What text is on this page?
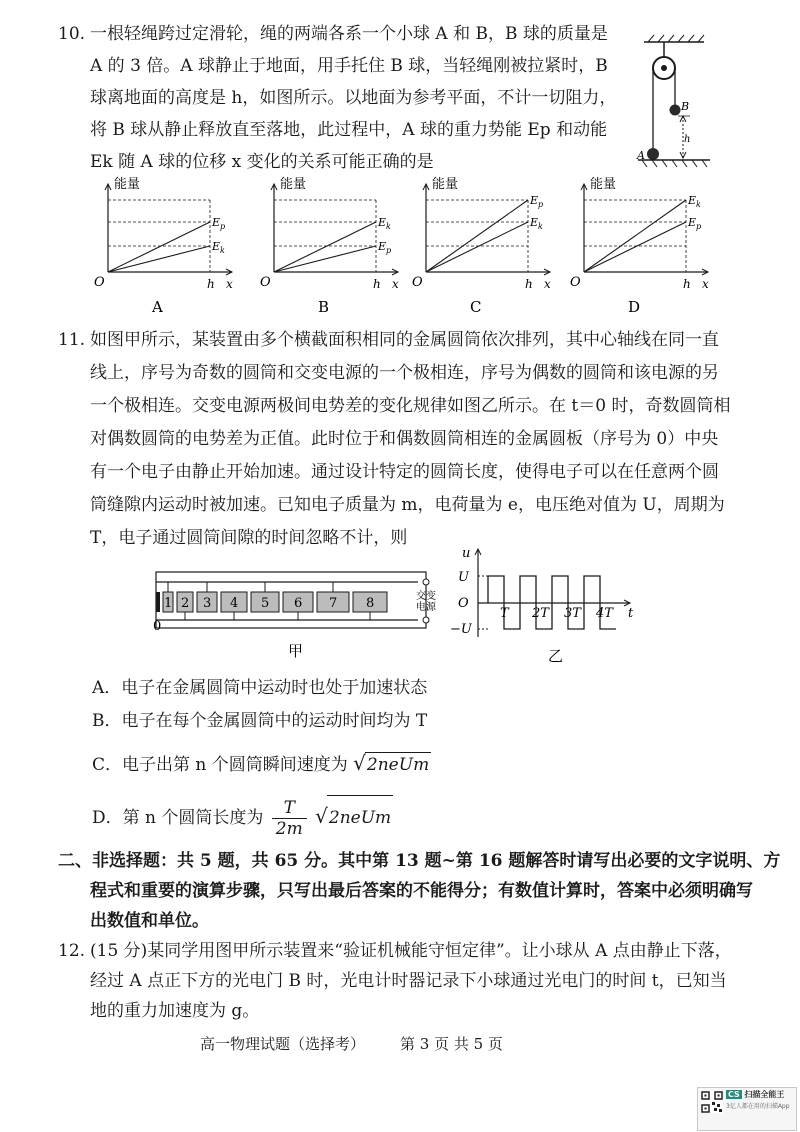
10. 一根轻绳跨过定滑轮，绳的两端各系一个小球 A 和 B，B 球的质量是
A 的 3 倍。A 球静止于地面，用手托住 B 球，当轻绳刚被拉紧时，B
球离地面的高度是 h，如图所示。以地面为参考平面，不计一切阻力，
将 B 球从静止释放直至落地，此过程中，A 球的重力势能 Ep 和动能
Ek 随 A 球的位移 x 变化的关系可能正确的是
B
A
h
能量
O	h x
$E_p$
$E_k$
A
能量
O	h x
$E_k$
$E_p$
B
能量
O	h x
$E_p$
$E_k$
C
能量
O	h x
$E_k$
$E_p$
D
11. 如图甲所示，某装置由多个横截面积相同的金属圆筒依次排列，其中心轴线在同一直
线上，序号为奇数的圆筒和交变电源的一个极相连，序号为偶数的圆筒和该电源的另
一个极相连。交变电源两极间电势差的变化规律如图乙所示。在 t＝0 时，奇数圆筒相
对偶数圆筒的电势差为正值。此时位于和偶数圆筒相连的金属圆板（序号为 0）中央
有一个电子由静止开始加速。通过设计特定的圆筒长度，使得电子可以在任意两个圆
筒缝隙内运动时被加速。已知电子质量为 m，电荷量为 e，电压绝对值为 U，周期为
T，电子通过圆筒间隙的时间忽略不计，则
0
1 2 3 4 5 6 7 8	交变
电源
甲
u
t
U
O
−U
T 2T 3T 4T
乙
A．电子在金属圆筒中运动时也处于加速状态
B．电子在每个金属圆筒中的运动时间均为 T
C．电子出第 n 个圆筒瞬间速度为 √2neUm
D．第 n 个圆筒长度为 $\frac{T}{2m}$ √2neUm
二、非选择题：共 5 题，共 65 分。其中第 13 题~第 16 题解答时请写出必要的文字说明、方
程式和重要的演算步骤，只写出最后答案的不能得分；有数值计算时，答案中必须明确写
出数值和单位。
12. (15 分)某同学用图甲所示装置来“验证机械能守恒定律”。让小球从 A 点由静止下落，
经过 A 点正下方的光电门 B 时，光电计时器记录下小球通过光电门的时间 t，已知当
地的重力加速度为 g。
高一物理试题（选择考） 第 3 页 共 5 页
CS 扫描全能王
3亿人都在用的扫描App
